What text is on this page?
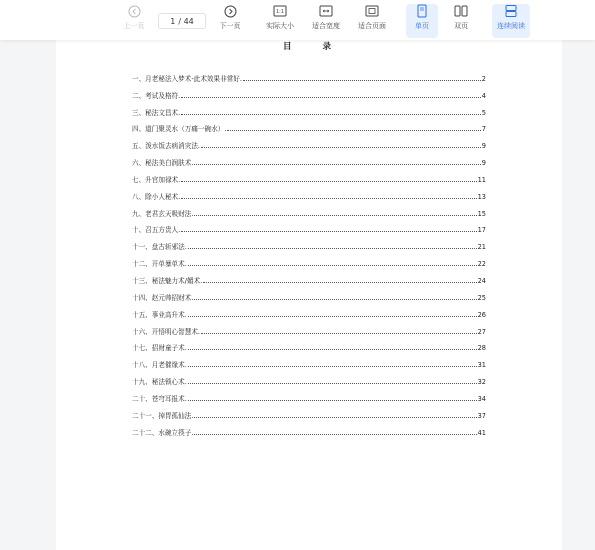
上一页
1 / 44
下一页
1:1
实际大小	适合宽度	适合页面	单页	双页	连续阅读
目 录
一、月老秘法入梦术-此术效果非常好.	2
二、考试及格符.	4
三、秘法文昌术.	5
四、道门聚灵水（万痛一碗水）.	7
五、泼水饭去病消灾法.	9
六、秘法美白润肤术.	9
七、升官加禄术.	11
八、除小人秘术.	13
九、老君玄天吸财法.	15
十、召五方贵人.	17
十一、盘古斩邪法.	21
十二、开单暴单术.	22
十三、秘法魅力术/媚术.	24
十四、赵元帅招财术.	25
十五、事业高升术.	26
十六、开悟明心智慧术.	27
十七、招财童子术.	28
十八、月老催缘术.	31
十九、秘法锁心术.	32
二十、苍穹耳报术.	34
二十一、掉胃孤仙法.	37
二十二、水碗立筷子.	41
